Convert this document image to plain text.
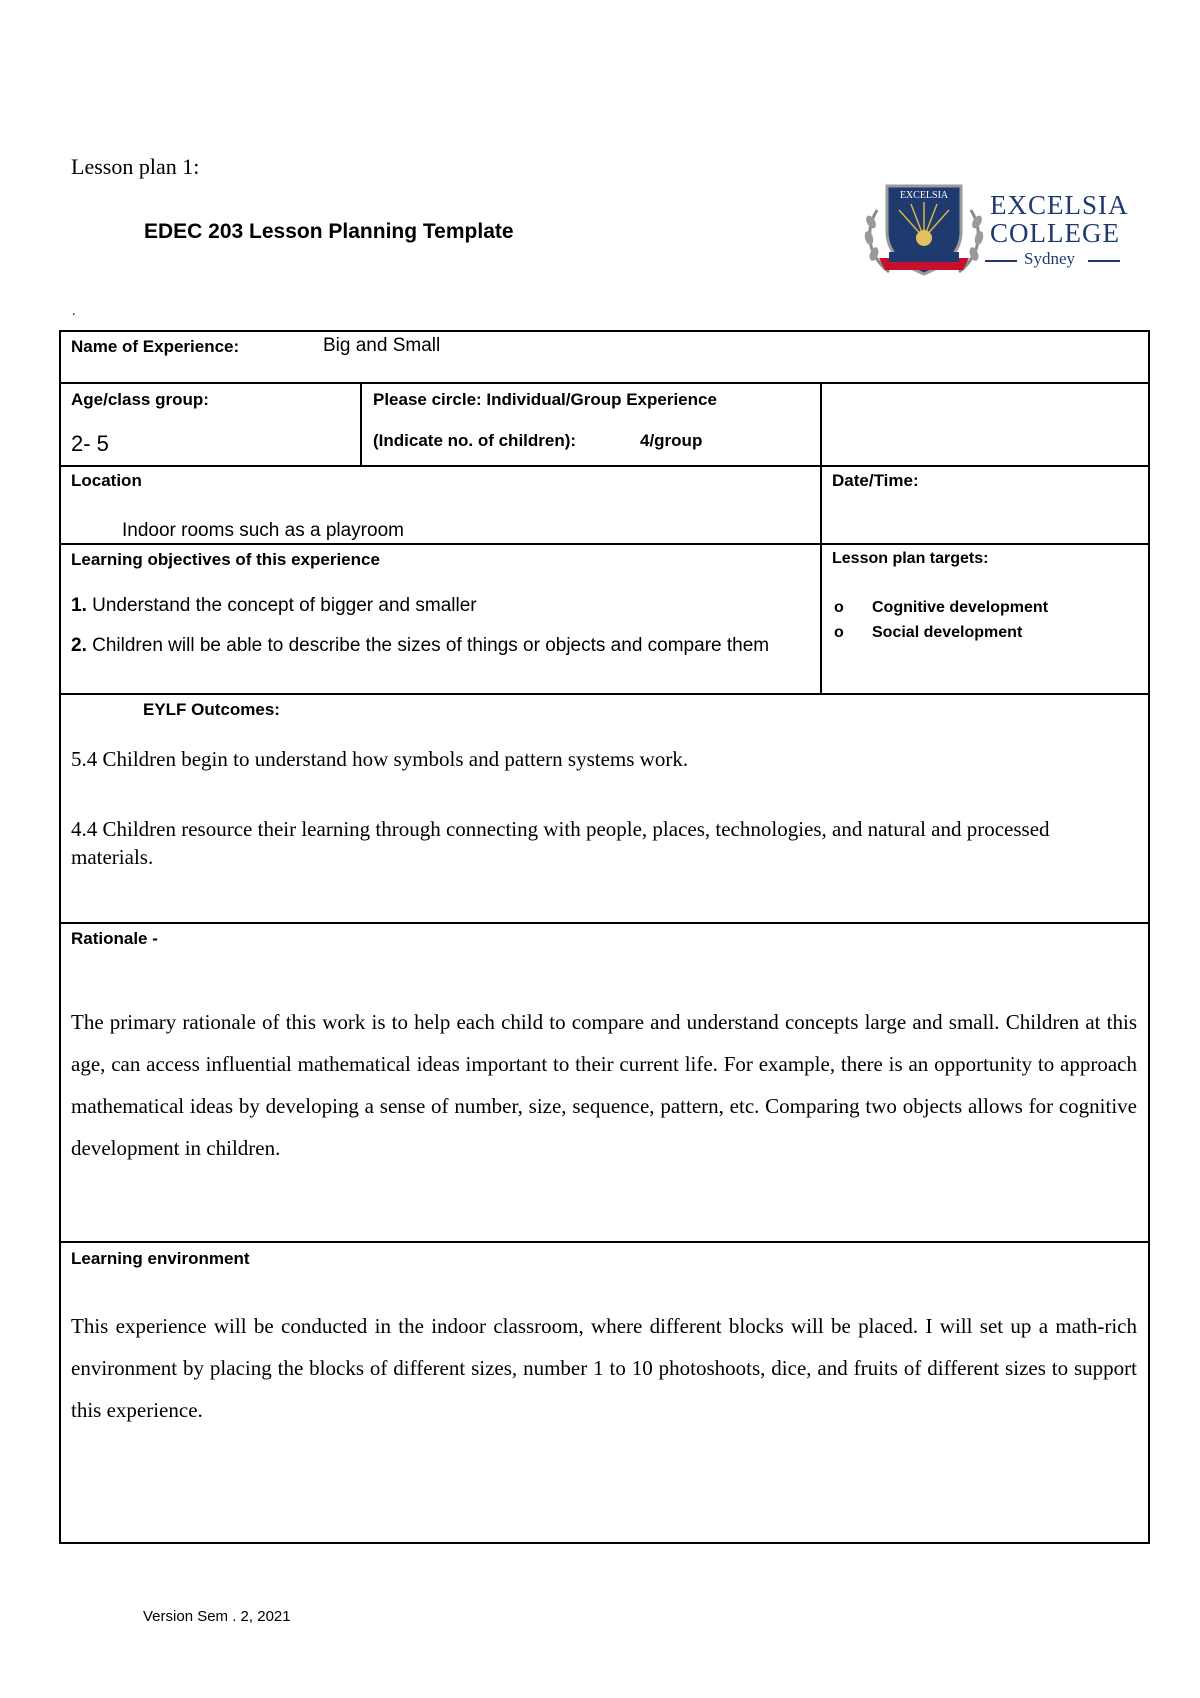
Lesson plan 1:
EDEC 203 Lesson Planning Template
EXCELSIA EXCELSIA
COLLEGE
Sydney
.
Name of Experience:	Big and Small
Age/class group:
2- 5
Please circle: Individual/Group Experience
(Indicate no. of children):	4/group
Location
Indoor rooms such as a playroom
Date/Time:
Learning objectives of this experience
1. Understand the concept of bigger and smaller
2. Children will be able to describe the sizes of things or objects and compare them
Lesson plan targets:
o Cognitive development
o Social development
EYLF Outcomes:
5.4 Children begin to understand how symbols and pattern systems work.
4.4 Children resource their learning through connecting with people, places, technologies, and natural and processed materials.
Rationale -
The primary rationale of this work is to help each child to compare and understand concepts large and small. Children at this age, can access influential mathematical ideas important to their current life. For example, there is an opportunity to approach mathematical ideas by developing a sense of number, size, sequence, pattern, etc. Comparing two objects allows for cognitive development in children.
Learning environment
This experience will be conducted in the indoor classroom, where different blocks will be placed. I will set up a math-rich environment by placing the blocks of different sizes, number 1 to 10 photoshoots, dice, and fruits of different sizes to support this experience.
Version Sem . 2, 2021
